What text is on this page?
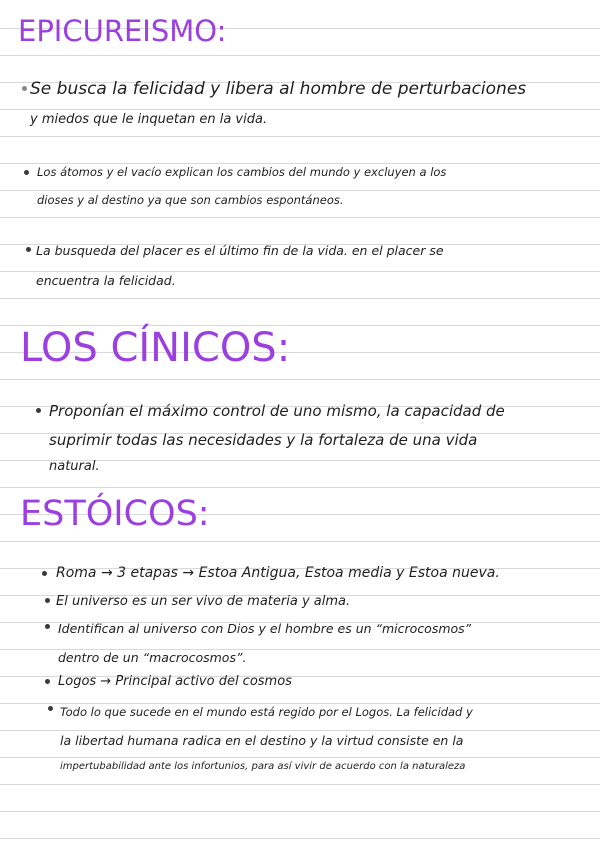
EPICUREISMO:

Se busca la felicidad y libera al hombre de perturbaciones

y miedos que le inquetan en la vida.

Los átomos y el vacío explican los cambios del mundo y excluyen a los

dioses y al destino ya que son cambios espontáneos.

La busqueda del placer es el último fin de la vida. en el placer se

encuentra la felicidad.

LOS CÍNICOS:

Proponían el máximo control de uno mismo, la capacidad de

suprimir todas las necesidades y la fortaleza de una vida

natural.

ESTÓICOS:

Roma → 3 etapas → Estoa Antigua, Estoa media y Estoa nueva.

El universo es un ser vivo de materia y alma.

Identifican al universo con Dios y el hombre es un “microcosmos”

dentro de un “macrocosmos”.

Logos → Principal activo del cosmos

Todo lo que sucede en el mundo está regido por el Logos. La felicidad y

la libertad humana radica en el destino y la virtud consiste en la

impertubabilidad ante los infortunios, para así vivir de acuerdo con la naturaleza
